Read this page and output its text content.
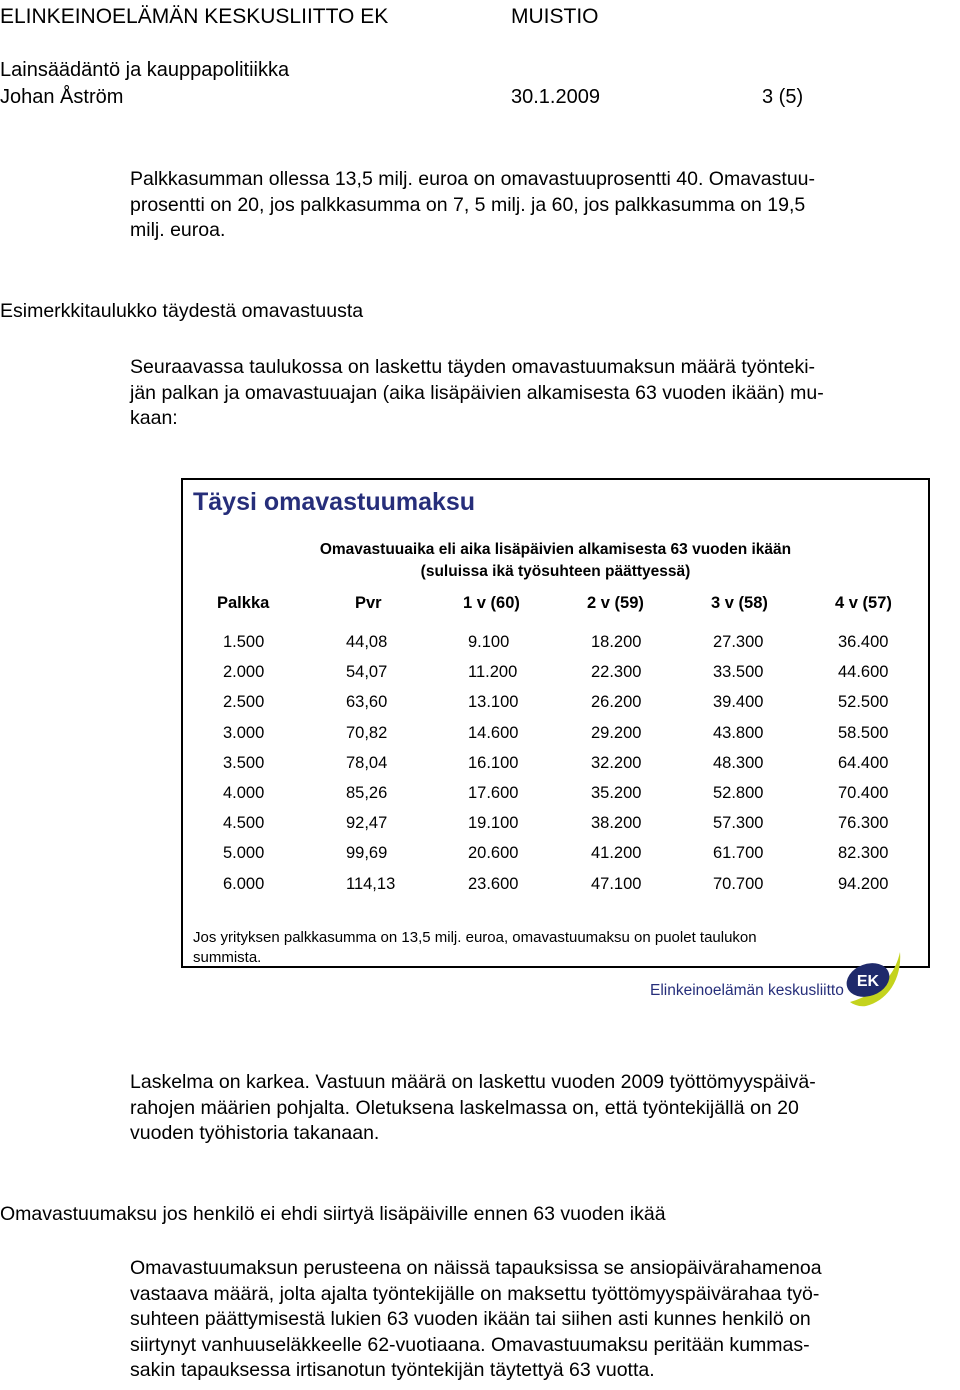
ELINKEINOELÄMÄN KESKUSLIITTO EK	MUISTIO
Lainsäädäntö ja kauppapolitiikka
Johan Åström	30.1.2009	3 (5)
Palkkasumman ollessa 13,5 milj. euroa on omavastuuprosentti 40. Omavastuu-
prosentti on 20, jos palkkasumma on 7, 5 milj. ja 60, jos palkkasumma on 19,5
milj. euroa.
Esimerkkitaulukko täydestä omavastuusta
Seuraavassa taulukossa on laskettu täyden omavastuumaksun määrä työnteki-
jän palkan ja omavastuuajan (aika lisäpäivien alkamisesta 63 vuoden ikään) mu-
kaan:
Täysi omavastuumaksu
Omavastuuaika eli aika lisäpäivien alkamisesta 63 vuoden ikään
(suluissa ikä työsuhteen päättyessä)
Palkka	Pvr	1 v (60)	2 v (59)	3 v (58)	4 v (57)
1.500	44,08	9.100	18.200	27.300	36.400
2.000	54,07	11.200	22.300	33.500	44.600
2.500	63,60	13.100	26.200	39.400	52.500
3.000	70,82	14.600	29.200	43.800	58.500
3.500	78,04	16.100	32.200	48.300	64.400
4.000	85,26	17.600	35.200	52.800	70.400
4.500	92,47	19.100	38.200	57.300	76.300
5.000	99,69	20.600	41.200	61.700	82.300
6.000	114,13	23.600	47.100	70.700	94.200
Jos yrityksen palkkasumma on 13,5 milj. euroa, omavastuumaksu on puolet taulukon
summista.
Elinkeinoelämän keskusliitto
EK
Laskelma on karkea. Vastuun määrä on laskettu vuoden 2009 työttömyyspäivä-
rahojen määrien pohjalta. Oletuksena laskelmassa on, että työntekijällä on 20
vuoden työhistoria takanaan.
Omavastuumaksu jos henkilö ei ehdi siirtyä lisäpäiville ennen 63 vuoden ikää
Omavastuumaksun perusteena on näissä tapauksissa se ansiopäivärahamenoa
vastaava määrä, jolta ajalta työntekijälle on maksettu työttömyyspäivärahaa työ-
suhteen päättymisestä lukien 63 vuoden ikään tai siihen asti kunnes henkilö on
siirtynyt vanhuuseläkkeelle 62-vuotiaana. Omavastuumaksu peritään kummas-
sakin tapauksessa irtisanotun työntekijän täytettyä 63 vuotta.
